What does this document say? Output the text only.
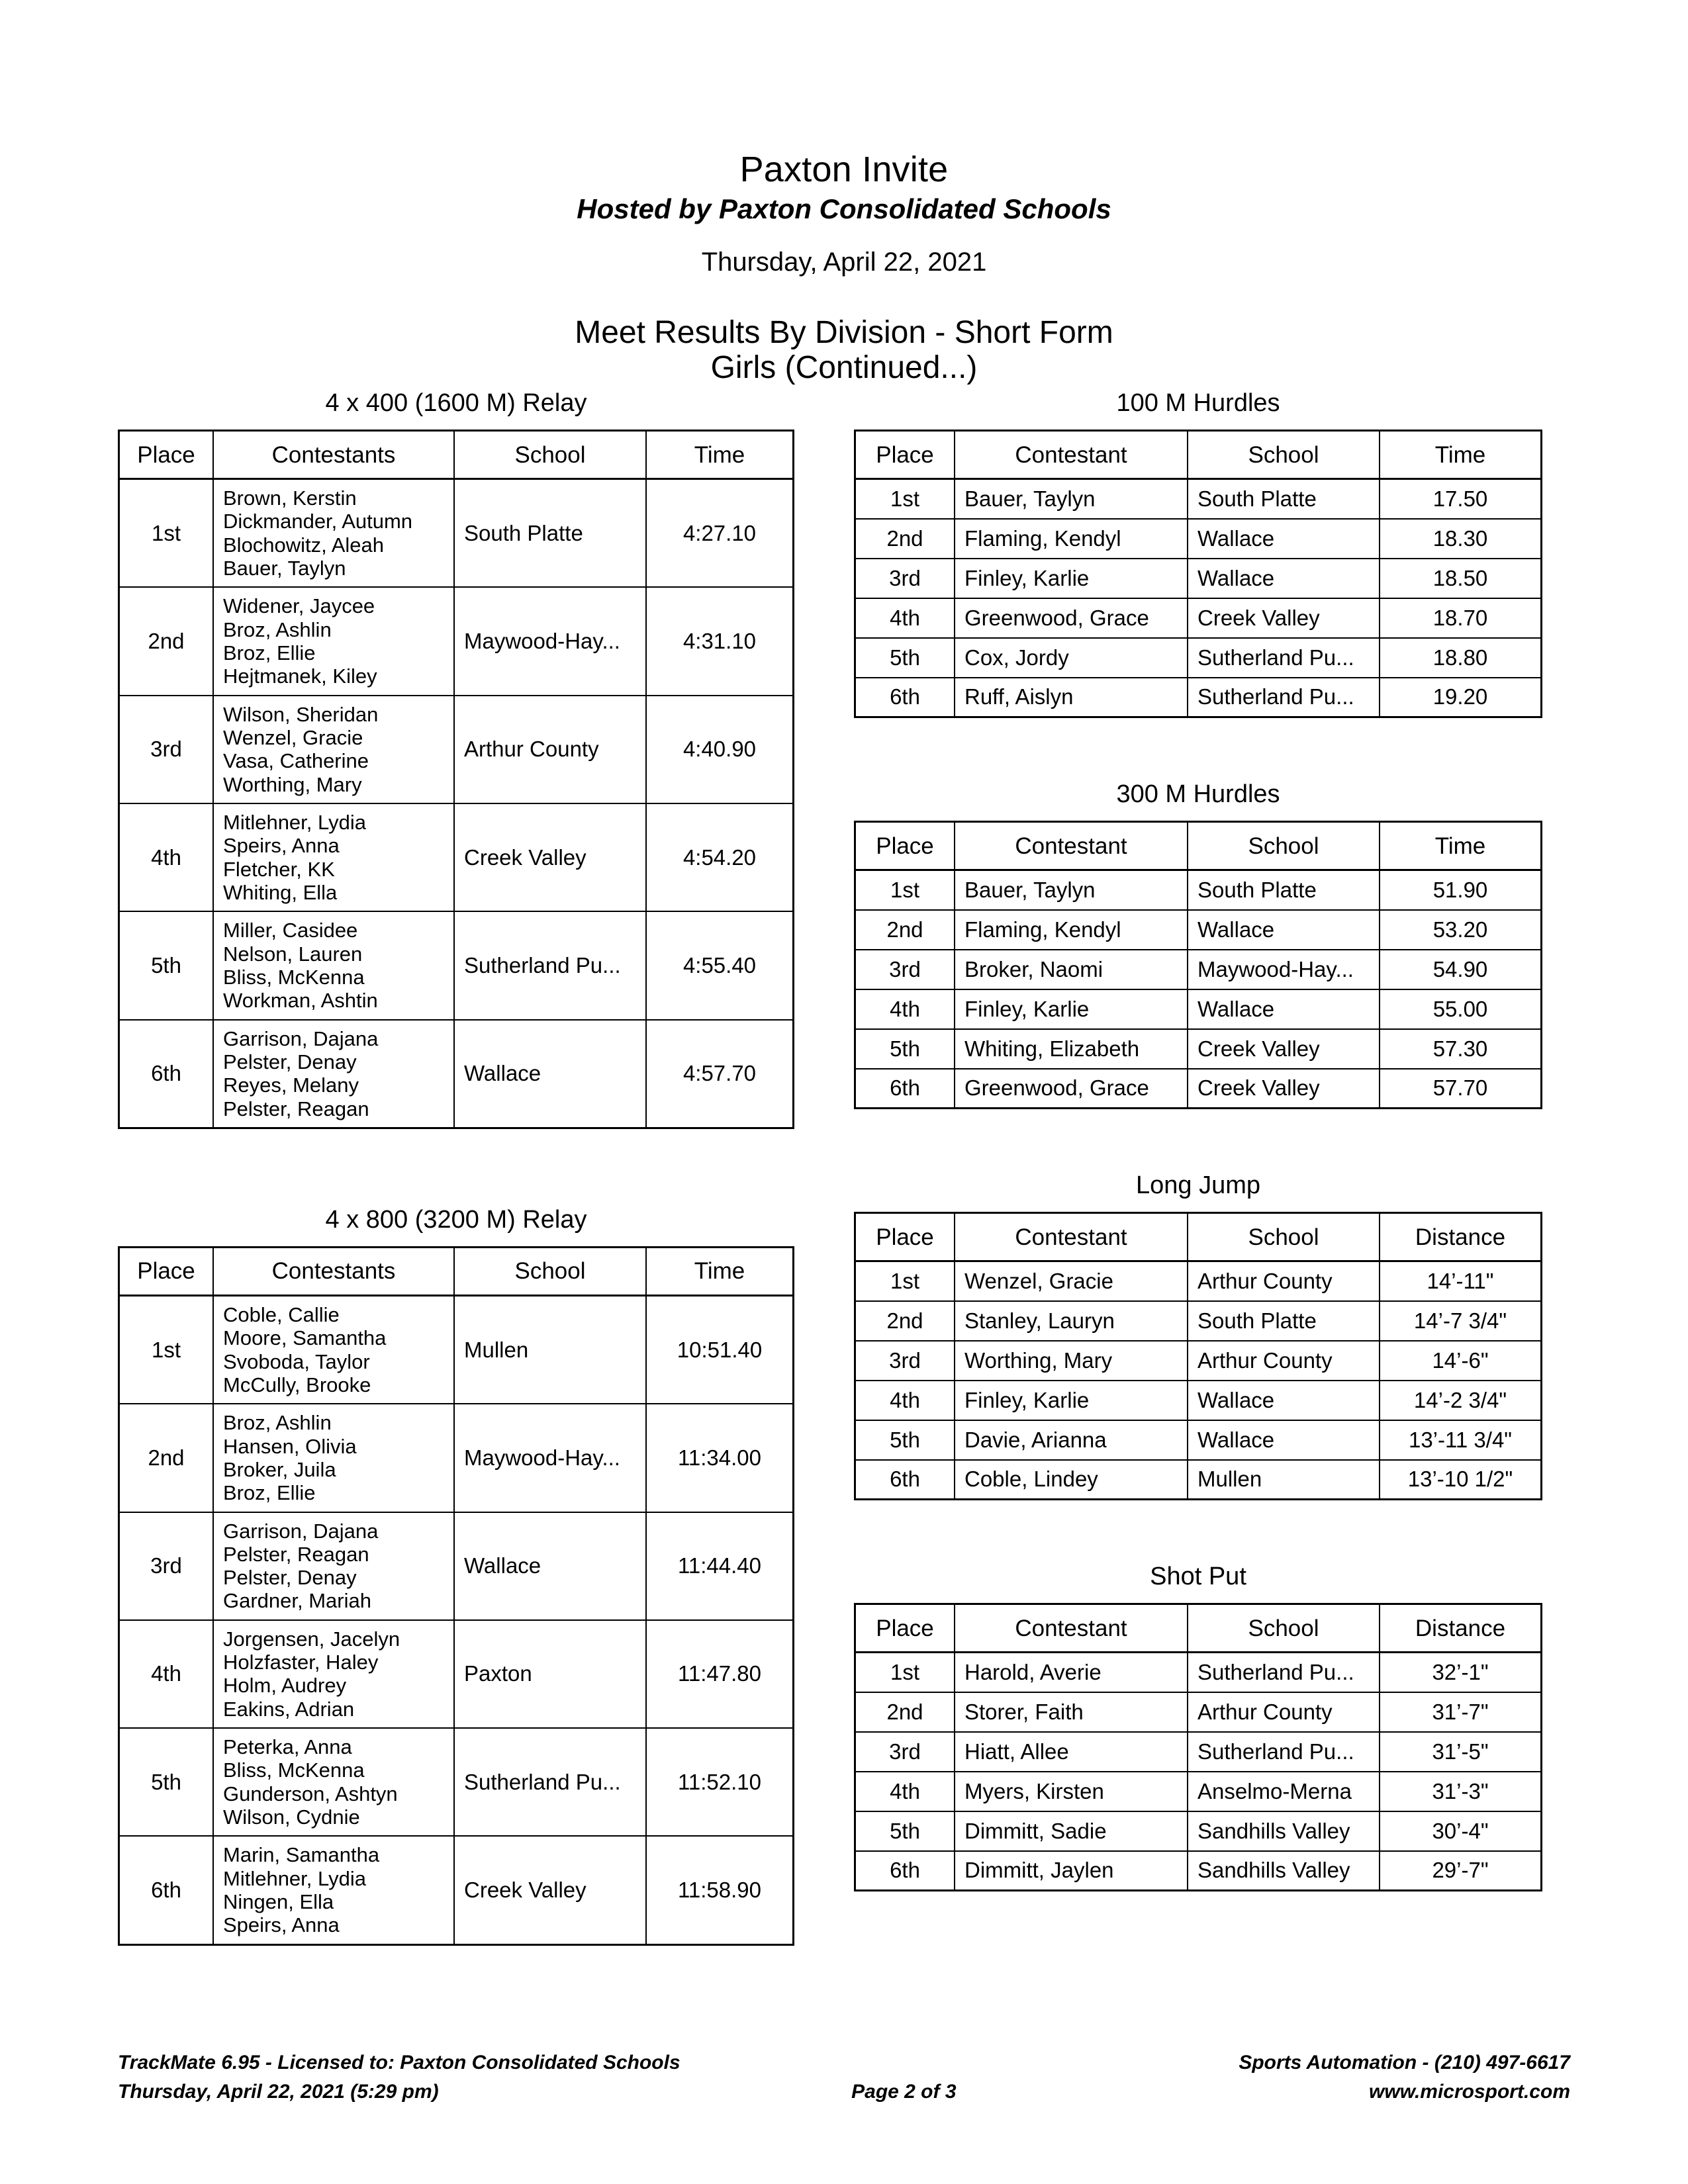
Paxton Invite
Hosted by Paxton Consolidated Schools
Thursday, April 22, 2021
Meet Results By Division - Short Form
Girls (Continued...)
4 x 400 (1600 M) Relay
Place	Contestants	School	Time
1st	Brown, Kerstin
Dickmander, Autumn
Blochowitz, Aleah
Bauer, Taylyn	South Platte	4:27.10
2nd	Widener, Jaycee
Broz, Ashlin
Broz, Ellie
Hejtmanek, Kiley	Maywood-Hay...	4:31.10
3rd	Wilson, Sheridan
Wenzel, Gracie
Vasa, Catherine
Worthing, Mary	Arthur County	4:40.90
4th	Mitlehner, Lydia
Speirs, Anna
Fletcher, KK
Whiting, Ella	Creek Valley	4:54.20
5th	Miller, Casidee
Nelson, Lauren
Bliss, McKenna
Workman, Ashtin	Sutherland Pu...	4:55.40
6th	Garrison, Dajana
Pelster, Denay
Reyes, Melany
Pelster, Reagan	Wallace	4:57.70
4 x 800 (3200 M) Relay
Place	Contestants	School	Time
1st	Coble, Callie
Moore, Samantha
Svoboda, Taylor
McCully, Brooke	Mullen	10:51.40
2nd	Broz, Ashlin
Hansen, Olivia
Broker, Juila
Broz, Ellie	Maywood-Hay...	11:34.00
3rd	Garrison, Dajana
Pelster, Reagan
Pelster, Denay
Gardner, Mariah	Wallace	11:44.40
4th	Jorgensen, Jacelyn
Holzfaster, Haley
Holm, Audrey
Eakins, Adrian	Paxton	11:47.80
5th	Peterka, Anna
Bliss, McKenna
Gunderson, Ashtyn
Wilson, Cydnie	Sutherland Pu...	11:52.10
6th	Marin, Samantha
Mitlehner, Lydia
Ningen, Ella
Speirs, Anna	Creek Valley	11:58.90
100 M Hurdles
Place	Contestant	School	Time
1st	Bauer, Taylyn	South Platte	17.50
2nd	Flaming, Kendyl	Wallace	18.30
3rd	Finley, Karlie	Wallace	18.50
4th	Greenwood, Grace	Creek Valley	18.70
5th	Cox, Jordy	Sutherland Pu...	18.80
6th	Ruff, Aislyn	Sutherland Pu...	19.20
300 M Hurdles
Place	Contestant	School	Time
1st	Bauer, Taylyn	South Platte	51.90
2nd	Flaming, Kendyl	Wallace	53.20
3rd	Broker, Naomi	Maywood-Hay...	54.90
4th	Finley, Karlie	Wallace	55.00
5th	Whiting, Elizabeth	Creek Valley	57.30
6th	Greenwood, Grace	Creek Valley	57.70
Long Jump
Place	Contestant	School	Distance
1st	Wenzel, Gracie	Arthur County	14’-11"
2nd	Stanley, Lauryn	South Platte	14’-7 3/4"
3rd	Worthing, Mary	Arthur County	14’-6"
4th	Finley, Karlie	Wallace	14’-2 3/4"
5th	Davie, Arianna	Wallace	13’-11 3/4"
6th	Coble, Lindey	Mullen	13’-10 1/2"
Shot Put
Place	Contestant	School	Distance
1st	Harold, Averie	Sutherland Pu...	32’-1"
2nd	Storer, Faith	Arthur County	31’-7"
3rd	Hiatt, Allee	Sutherland Pu...	31’-5"
4th	Myers, Kirsten	Anselmo-Merna	31’-3"
5th	Dimmitt, Sadie	Sandhills Valley	30’-4"
6th	Dimmitt, Jaylen	Sandhills Valley	29’-7"
TrackMate 6.95 - Licensed to: Paxton Consolidated Schools	Sports Automation - (210) 497-6617
Thursday, April 22, 2021 (5:29 pm)	Page 2 of 3	www.microsport.com
